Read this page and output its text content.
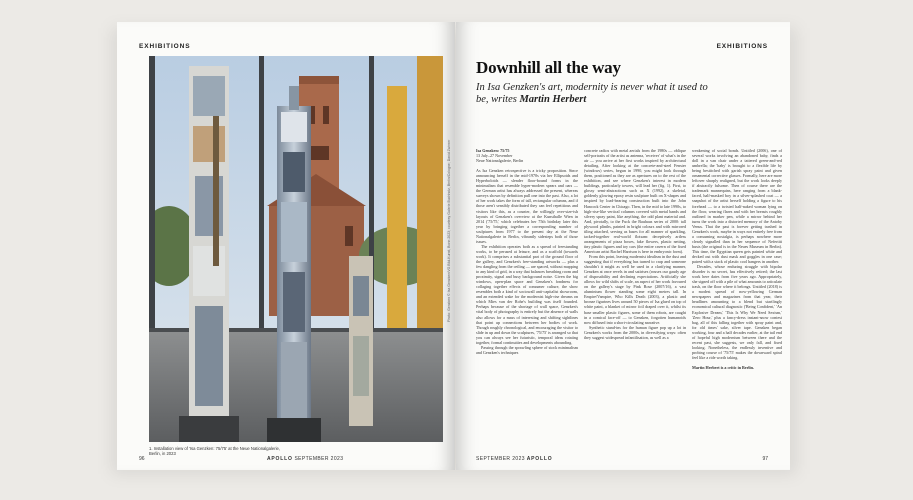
EXHIBITIONS
1. Installation view of 'Isa Genzken: 75/75' at the Neue Nationalgalerie, Berlin, in 2023
Photo: Genzken © Isa Genzken/VG Bild-Kunst, Bonn 2023; courtesy Galerie Buchholz, Berlin/Cologne; David Zwirner
96	APOLLO SEPTEMBER 2023
EXHIBITIONS
Downhill all the way
In Isa Genzken's art, modernity is never what it used to be, writes Martin Herbert
Isa Genzken: 75/75
13 July–27 November
Neue Nationalgalerie, Berlin

As Isa Genzken retrospective is a tricky proposition. Since announcing herself in the mid-1970s via her Ellipsoids and Hyperboloids — slender floor-bound forms in the minimalism that resemble hyper-modern spears and oars — the German artist has always addressed the present, whereas surveys shown by definition pull one into the past. Also, a lot of her work takes the form of tall, rectangular columns, and if those aren't sensibly distributed they can feel repetitious and visitors like this, as a counter, the willingly over-size-ish layouts of Genzken's overview at the Kunsthalle Wien in 2014 ('75/75,' which celebrates her 75th birthday later this year by bringing together a corresponding number of sculptures from 1977 to the present day at the Neue Nationalgalerie in Berlin, vibrantly sidesteps both of those issues.

The exhibition operates both as a spread of freestanding works, to be perused at leisure, and as a scaffold (towards work). It comprises a substantial part of the ground floor of the gallery, and Genzken's free-standing artworks — plus a few dangling from the ceiling — are spaced, without mapping to any kind of grid, in a way that balances breathing room and proximity, signal and busy background noise. Given the big windows, open-plan space and Genzken's fondness for collaging together effects of consumer culture, the show resembles both a kind of sociowall anti-capitalist showroom, and an extended wake for the modernist high-rise dreams on which Mies van der Rohe's building was itself founded. Perhaps because of the shortage of wall space, Genzken's vital body of photography is entirely but the absence of walls also allows for a mass of interesting and shifting sightlines that point up connections between her bodies of work. Though roughly chronological, and encouraging the visitor to slide in up and down the sculptures, '75/75' is arranged so that you can always see her futuristic, temporal ideas rotating together, formal continuities and developments abounding.

Passing through the sprawling sphere of stock minimalism and Genzken's techniques

concrete radios with metal aerials from the 1980s — oblique self-portraits of the artist as antenna, 'receiver' of what's in the air — you arrive at her first works inspired by architectural detailing. After looking at the concrete-and-steel Fenster (windows) series, begun in 1990, you might look through them, positioned as they are as apertures on to the rest of the exhibition, and see where Genzken's interest in modern buildings, particularly towers, will lead her (fig. 1). First, to glossy semi-abstractions such as X (1992), a skeletal, goldenly glowing epoxy resin sculpture built on X-shapes and inspired by load-bearing construction built into the John Hancock Center in Chicago. Then, in the mid to late 1990s, to high-rise-like vertical columns covered with metal bands and silvery spray paint, like anything, the odd plant material and. And, pivotally, to the Fuck the Bauhaus series of 2000: tall plywood plinths, painted in bright colours and with mirrored tiling attached, serving as bases for all manner of sparkling, tacked-together real-world flotsam: deceptively artless arrangements of pizza boxes, fake flowers, plastic netting, tiny plastic figures and toy cars (the entire cavern of the fixed American artist Rachel Harrison is here in embryonic form).

From this point, leaving modernist idealism in the dust and suggesting that if everything has turned to crap and someone shouldn't it might as well be used in a clarifying manner, Genzken at once revels in and satirises (rouses our gaudy age of disposability and declining expectations. Artificially she allows for wild shifts of scale, an aspect of her work favoured on the gallery's stage by Pink Rose (2007/16), a vast aluminium flower standing some eight metres tall. In Empire/Vampire, Who Kills Death (2003), a plastic and bronze figurines lives around 50 pieces of Isa glued on top of white paint, a blanket of mirror foil draped over it, whilst its base smaller plastic figures, some of them robots, are caught in a comical face-off — to Genzken, forgotten humanoids now diffused into a short-circulating narrative.

Synthetic stand-ins for the human figure pop up a lot in Genzken's works from the 2000s, in diversifying ways: often they suggest widespread infantilisation, as well as a

weakening of social bonds. Untitled (2006), one of several works involving an abandoned baby, finds a doll in a van chair under a tattered green-and-red umbrella; the 'baby' is brought to a flexible life by being bestitched with garish spray paint and given ornamental corrective glasses. Formally, here are more leftover sharply realigned, but the work looks deeply if abstractly fulsome. Then of course there are the trademark mannequins, here ranging from a blank-faced, half-masked boy in a silver-splashed coat — a snapshot of the artist herself holding a figure to his forehead — to a twisted half-naked woman lying on the floor, wearing flares and with her breasts roughly outlined in marker pen, while a mirror behind her turns the work into a distorted memory of the Antoby Venus. That the past is forever getting trashed in Genzken's work, maybe in ways not entirely free from a consuming nostalgia, is perhaps nowhere more clearly signalled than in her sequence of Nefertiti busts (the original is in the Neues Museum in Berlin). This time, the Egyptian queen gets painted white and decked out with dust mask and goggles in one case; paired with a stack of plastic cool hangers in another.

Decades, whose enduring struggle with bipolar disorder is no secret, has effectively retired; the last work here dates from five years ago. Appropriately, she signed off with a pile of what amounts to articulate trash, on the floor where it belongs. Untitled (2018) is a modest spread of now-yellowing German newspapers and magazines from that year, their headlines amounting to a blend but startlingly economical cultural diagnostic ('Being Confident,' 'An Explosive Dream,' 'This Is Why We Need Sexism,' 'Zero Hour,' plus a fancy-dress instant-snow contest bag, all of this falling together with spray paint and, for old times' sake, silver tape. Genzken began working, four and a half decades earlier, at the tail end of hopeful high modernism between there and the recent past, she suggests, we only fall, and fixed looking. Nonetheless, the endlessly inventive and probing course of '75/75' makes the downward spiral feel like a ride worth taking.

Martin Herbert is a critic in Berlin.
SEPTEMBER 2023 APOLLO	97
